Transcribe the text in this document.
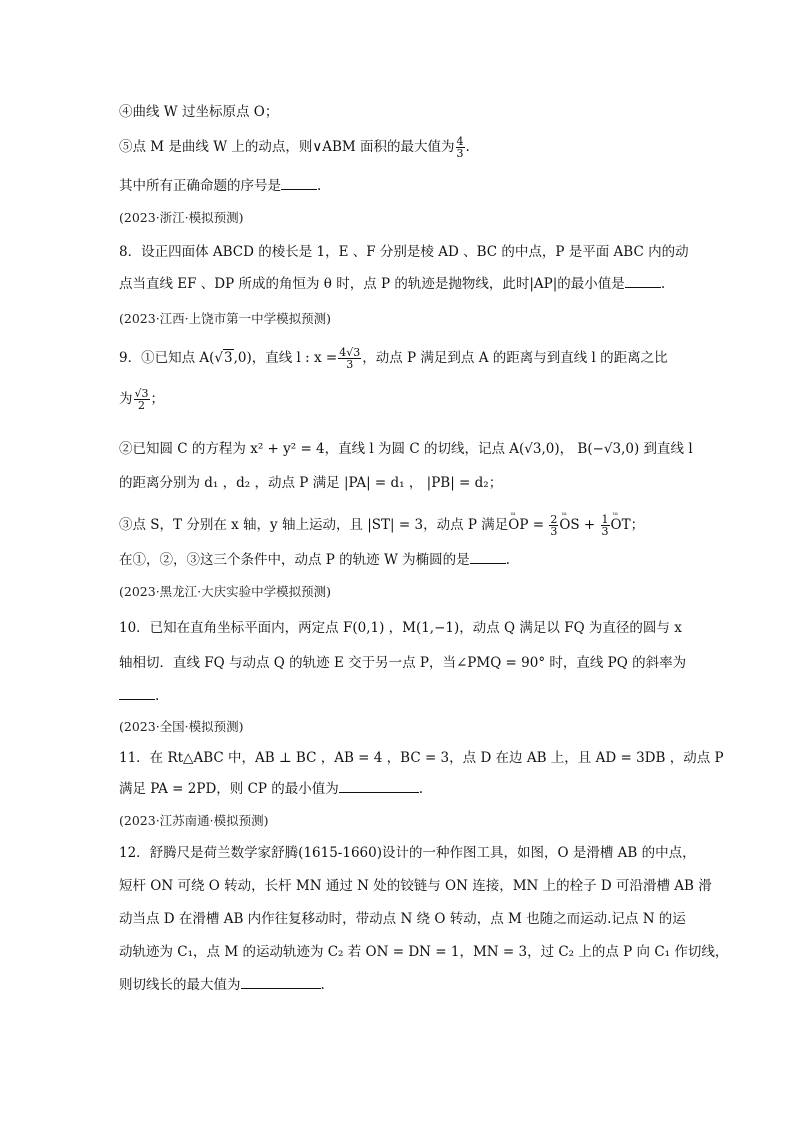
④曲线 W 过坐标原点 O；
⑤点 M 是曲线 W 上的动点，则∨ABM 面积的最大值为 $\frac{4}{3}$ .
其中所有正确命题的序号是	.
(2023·浙江·模拟预测)
8．设正四面体 ABCD 的棱长是 1，E 、F 分别是棱 AD 、BC 的中点，P 是平面 ABC 内的动
点当直线 EF 、DP 所成的角恒为 θ 时，点 P 的轨迹是抛物线，此时|AP|的最小值是	.
(2023·江西·上饶市第一中学模拟预测)
9．①已知点 A(√3,0)，直线 l : $x = \frac{4√3}{3}$ ，动点 P 满足到点 A 的距离与到直线 l 的距离之比
为 $\frac{√3}{2}$ ；
②已知圆 C 的方程为 x² + y² = 4，直线 l 为圆 C 的切线，记点 A(√3,0)， B(−√3,0) 到直线 l
的距离分别为 d₁ ，d₂ ，动点 P 满足 |PA| = d₁ ， |PB| = d₂；
③点 S，T 分别在 x 轴，y 轴上运动，且 |ST| = 3，动点 P 满足ᵚ OP = $\frac{2}{3}$ ᵚ OS + $\frac{1}{3}$ ᵚ OT；
在①，②，③这三个条件中，动点 P 的轨迹 W 为椭圆的是	.
(2023·黑龙江·大庆实验中学模拟预测)
10．已知在直角坐标平面内，两定点 F(0,1) ，M(1,−1)，动点 Q 满足以 FQ 为直径的圆与 x
轴相切．直线 FQ 与动点 Q 的轨迹 E 交于另一点 P，当∠PMQ = 90° 时，直线 PQ 的斜率为
.
(2023·全国·模拟预测)
11．在 Rt△ABC 中，AB ⊥ BC ，AB = 4 ，BC = 3，点 D 在边 AB 上，且 AD = 3DB ，动点 P
满足 PA = 2PD，则 CP 的最小值为	.
(2023·江苏南通·模拟预测)
12．舒腾尺是荷兰数学家舒腾(1615-1660)设计的一种作图工具，如图，O 是滑槽 AB 的中点，
短杆 ON 可绕 O 转动，长杆 MN 通过 N 处的铰链与 ON 连接，MN 上的栓子 D 可沿滑槽 AB 滑
动当点 D 在滑槽 AB 内作往复移动时，带动点 N 绕 O 转动，点 M 也随之而运动.记点 N 的运
动轨迹为 C₁，点 M 的运动轨迹为 C₂ 若 ON = DN = 1，MN = 3，过 C₂ 上的点 P 向 C₁ 作切线，
则切线长的最大值为	.
